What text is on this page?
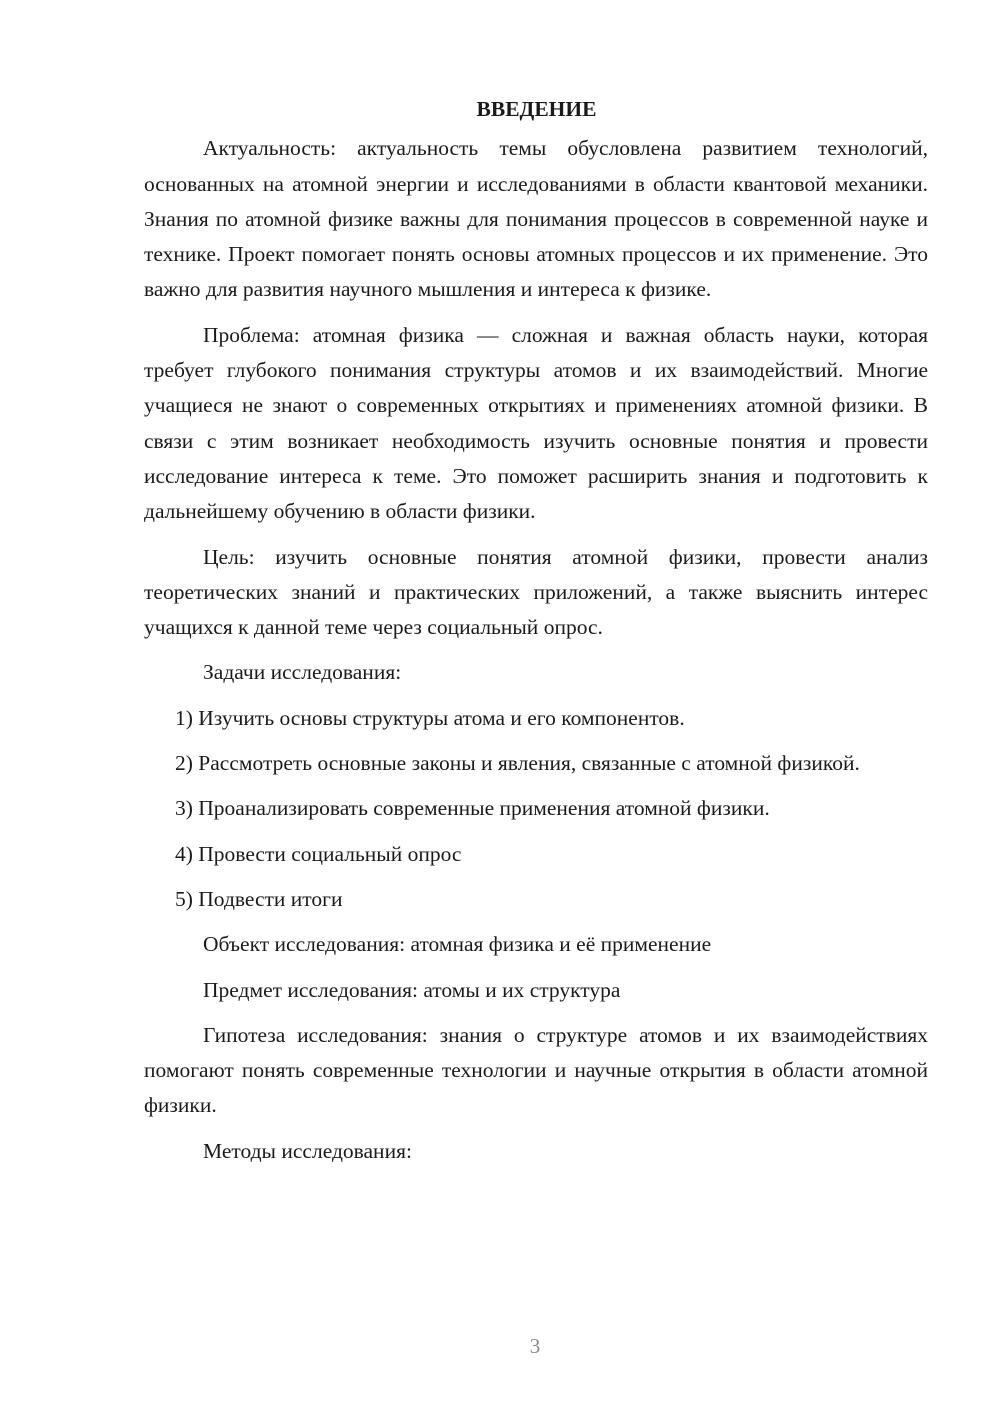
ВВЕДЕНИЕ

Актуальность: актуальность темы обусловлена развитием технологий, основанных на атомной энергии и исследованиями в области квантовой механики. Знания по атомной физике важны для понимания процессов в современной науке и технике. Проект помогает понять основы атомных процессов и их применение. Это важно для развития научного мышления и интереса к физике.

Проблема: атомная физика — сложная и важная область науки, которая требует глубокого понимания структуры атомов и их взаимодействий. Многие учащиеся не знают о современных открытиях и применениях атомной физики. В связи с этим возникает необходимость изучить основные понятия и провести исследование интереса к теме. Это поможет расширить знания и подготовить к дальнейшему обучению в области физики.

Цель: изучить основные понятия атомной физики, провести анализ теоретических знаний и практических приложений, а также выяснить интерес учащихся к данной теме через социальный опрос.

Задачи исследования:

1) Изучить основы структуры атома и его компонентов.

2) Рассмотреть основные законы и явления, связанные с атомной физикой.

3) Проанализировать современные применения атомной физики.

4) Провести социальный опрос

5) Подвести итоги

Объект исследования: атомная физика и её применение

Предмет исследования: атомы и их структура

Гипотеза исследования: знания о структуре атомов и их взаимодействиях помогают понять современные технологии и научные открытия в области атомной физики.

Методы исследования:

3
